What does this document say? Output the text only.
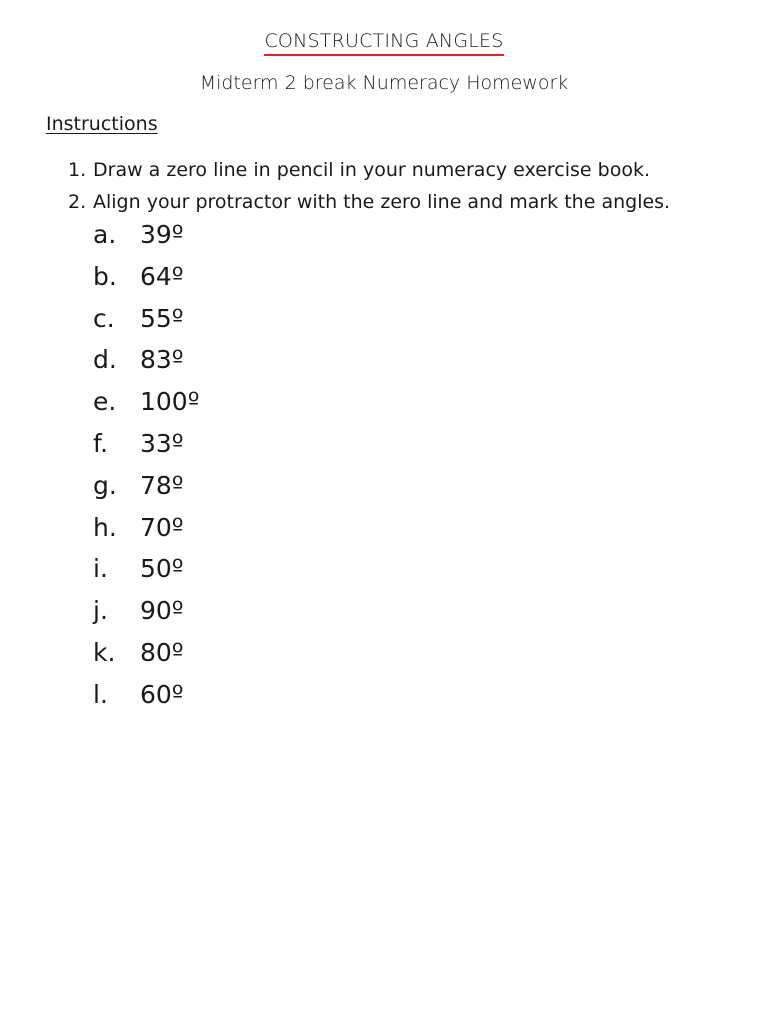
CONSTRUCTING ANGLES
Midterm 2 break Numeracy Homework
Instructions
1. Draw a zero line in pencil in your numeracy exercise book.
2. Align your protractor with the zero line and mark the angles.
a. 39º
b. 64º
c.	55º
d. 83º
e. 100º
f.	33º
g. 78º
h. 70º
i.	50º
j.	90º
k. 80º
l.	60º
